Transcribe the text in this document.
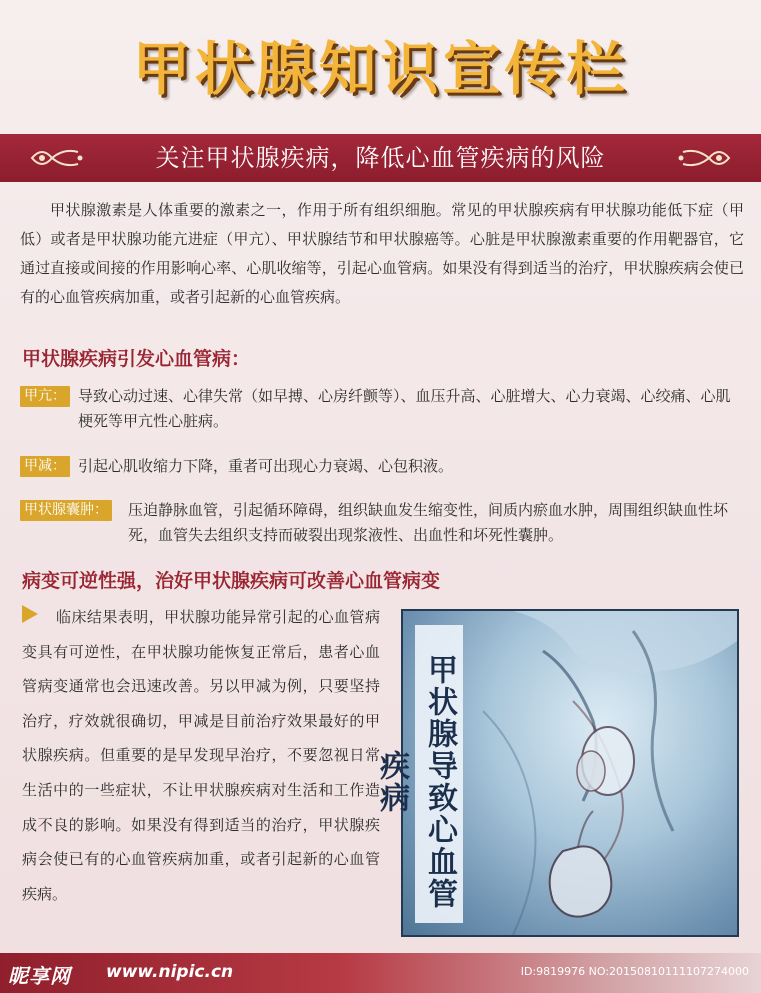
甲状腺知识宣传栏
关注甲状腺疾病，降低心血管疾病的风险

甲状腺激素是人体重要的激素之一，作用于所有组织细胞。常见的甲状腺疾病有甲状腺功能低下症（甲低）或者是甲状腺功能亢进症（甲亢）、甲状腺结节和甲状腺癌等。心脏是甲状腺激素重要的作用靶器官，它通过直接或间接的作用影响心率、心肌收缩等，引起心血管病。如果没有得到适当的治疗，甲状腺疾病会使已有的心血管疾病加重，或者引起新的心血管疾病。

甲状腺疾病引发心血管病：
甲亢： 导致心动过速、心律失常（如早搏、心房纤颤等）、血压升高、心脏增大、心力衰竭、心绞痛、心肌梗死等甲亢性心脏病。

甲减： 引起心肌收缩力下降，重者可出现心力衰竭、心包积液。

甲状腺囊肿： 压迫静脉血管，引起循环障碍，组织缺血发生缩变性，间质内瘀血水肿，周围组织缺血性坏死，血管失去组织支持而破裂出现浆液性、出血性和坏死性囊肿。

病变可逆性强，治好甲状腺疾病可改善心血管病变

临床结果表明，甲状腺功能异常引起的心血管病变具有可逆性，在甲状腺功能恢复正常后，患者心血管病变通常也会迅速改善。另以甲减为例，只要坚持治疗，疗效就很确切，甲减是目前治疗效果最好的甲状腺疾病。但重要的是早发现早治疗，不要忽视日常生活中的一些症状，不让甲状腺疾病对生活和工作造成不良的影响。如果没有得到适当的治疗，甲状腺疾病会使已有的心血管疾病加重，或者引起新的心血管疾病。	甲状腺导致心血管疾病
昵享网 www.nipic.cn	ID:9819976 NO:20150810111107274000
